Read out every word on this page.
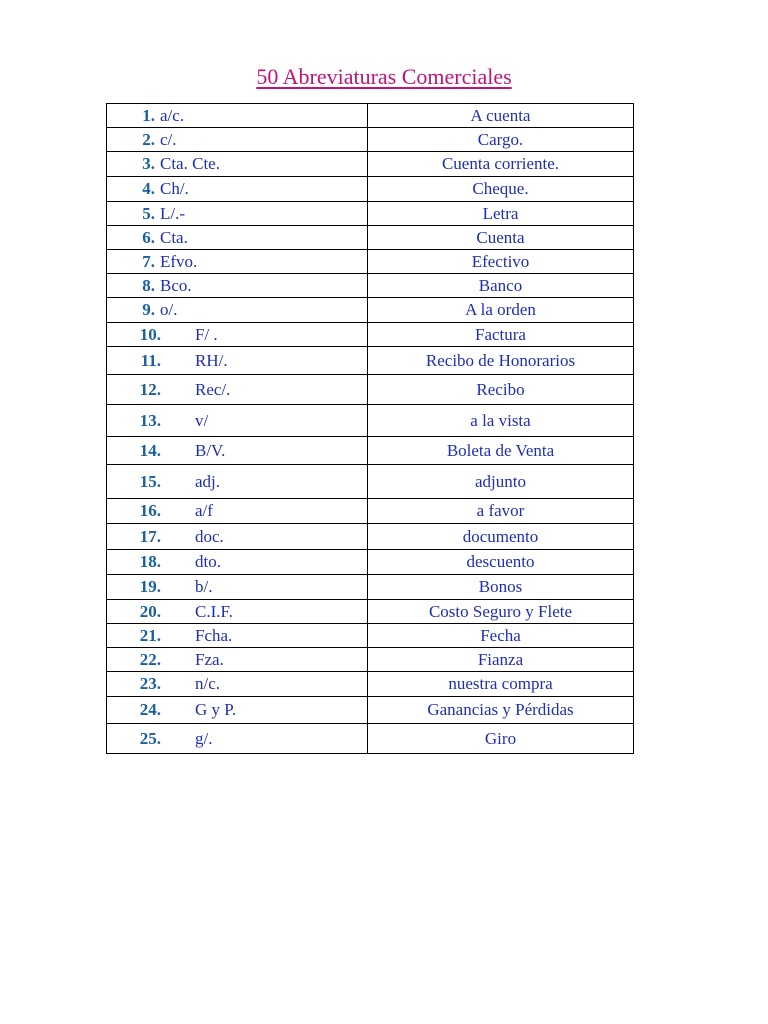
50 Abreviaturas Comerciales
1. a/c.	A cuenta
2. c/.	Cargo.
3. Cta. Cte.	Cuenta corriente.
4. Ch/.	Cheque.
5. L/.-	Letra
6. Cta.	Cuenta
7. Efvo.	Efectivo
8. Bco.	Banco
9. o/.	A la orden
10. F/ .	Factura
11. RH/.	Recibo de Honorarios
12. Rec/.	Recibo
13. v/	a la vista
14. B/V.	Boleta de Venta
15. adj.	adjunto
16. a/f	a favor
17. doc.	documento
18. dto.	descuento
19. b/.	Bonos
20. C.I.F.	Costo Seguro y Flete
21. Fcha.	Fecha
22. Fza.	Fianza
23. n/c.	nuestra compra
24. G y P.	Ganancias y Pérdidas
25. g/.	Giro
